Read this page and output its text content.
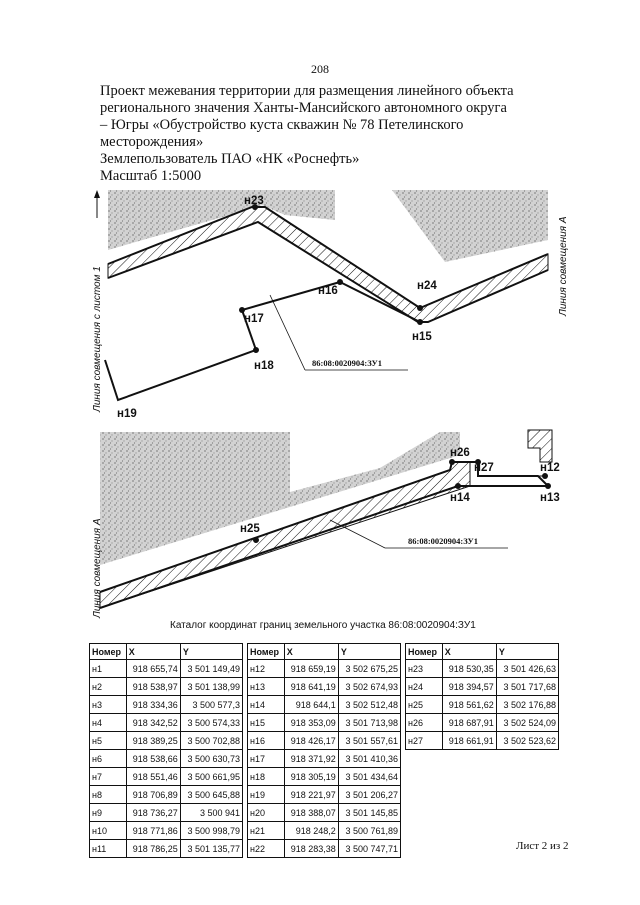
208
Проект межевания территории для размещения линейного объекта
регионального значения Ханты-Мансийского автономного округа
– Югры «Обустройство куста скважин № 78 Петелинского
месторождения»
Землепользователь ПАО «НК «Роснефть»
Масштаб 1:5000
86:08:0020904:ЗУ1
н23
н24
н16
н17
н15
н18
н19
Линия совмещения с листом 1	Линия совмещения А
86:08:0020904:ЗУ1
н26
н27	н12
н14	н13
н25
Линия совмещения А
Каталог координат границ земельного участка 86:08:0020904:ЗУ1
Номер	X	Y
н1	918 655,74	3 501 149,49
н2	918 538,97	3 501 138,99
н3	918 334,36	3 500 577,3
н4	918 342,52	3 500 574,33
н5	918 389,25	3 500 702,88
н6	918 538,66	3 500 630,73
н7	918 551,46	3 500 661,95
н8	918 706,89	3 500 645,88
н9	918 736,27	3 500 941
н10	918 771,86	3 500 998,79
н11	918 786,25	3 501 135,77
Номер	X	Y
н12	918 659,19	3 502 675,25
н13	918 641,19	3 502 674,93
н14	918 644,1	3 502 512,48
н15	918 353,09	3 501 713,98
н16	918 426,17	3 501 557,61
н17	918 371,92	3 501 410,36
н18	918 305,19	3 501 434,64
н19	918 221,97	3 501 206,27
н20	918 388,07	3 501 145,85
н21	918 248,2	3 500 761,89
н22	918 283,38	3 500 747,71
Номер	X	Y
н23	918 530,35	3 501 426,63
н24	918 394,57	3 501 717,68
н25	918 561,62	3 502 176,88
н26	918 687,91	3 502 524,09
н27	918 661,91	3 502 523,62
Лист 2 из 2
